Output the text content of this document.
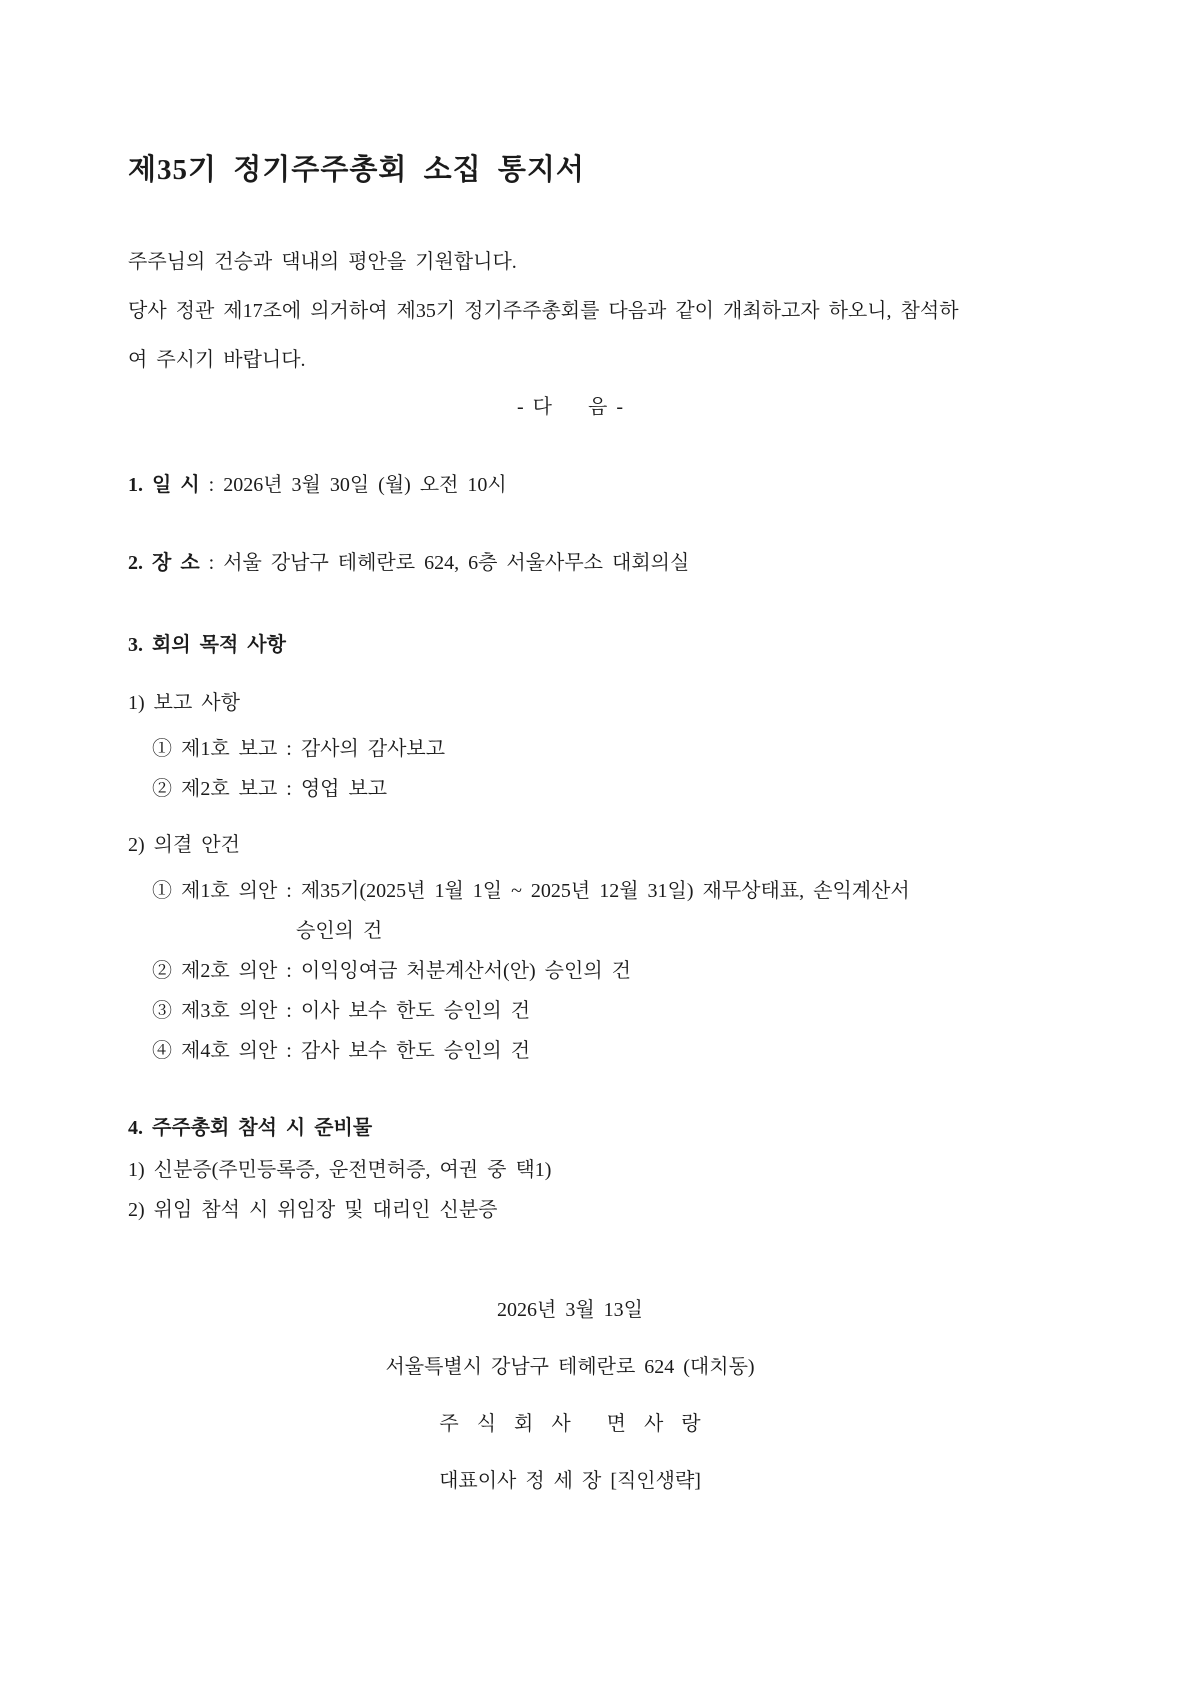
제35기 정기주주총회 소집 통지서
주주님의 건승과 댁내의 평안을 기원합니다.
당사 정관 제17조에 의거하여 제35기 정기주주총회를 다음과 같이 개최하고자 하오니, 참석하
여 주시기 바랍니다.
- 다    음 -
1. 일 시 : 2026년 3월 30일 (월) 오전 10시
2. 장 소 : 서울 강남구 테헤란로 624, 6층 서울사무소 대회의실
3. 회의 목적 사항
1) 보고 사항
① 제1호 보고 : 감사의 감사보고
② 제2호 보고 : 영업 보고
2) 의결 안건
① 제1호 의안 : 제35기(2025년 1월 1일 ~ 2025년 12월 31일) 재무상태표, 손익계산서
승인의 건
② 제2호 의안 : 이익잉여금 처분계산서(안) 승인의 건
③ 제3호 의안 : 이사 보수 한도 승인의 건
④ 제4호 의안 : 감사 보수 한도 승인의 건
4. 주주총회 참석 시 준비물
1) 신분증(주민등록증, 운전면허증, 여권 중 택1)
2) 위임 참석 시 위임장 및 대리인 신분증
2026년 3월 13일
서울특별시 강남구 테헤란로 624 (대치동)
주  식  회  사    면  사  랑
대표이사 정 세 장 [직인생략]
